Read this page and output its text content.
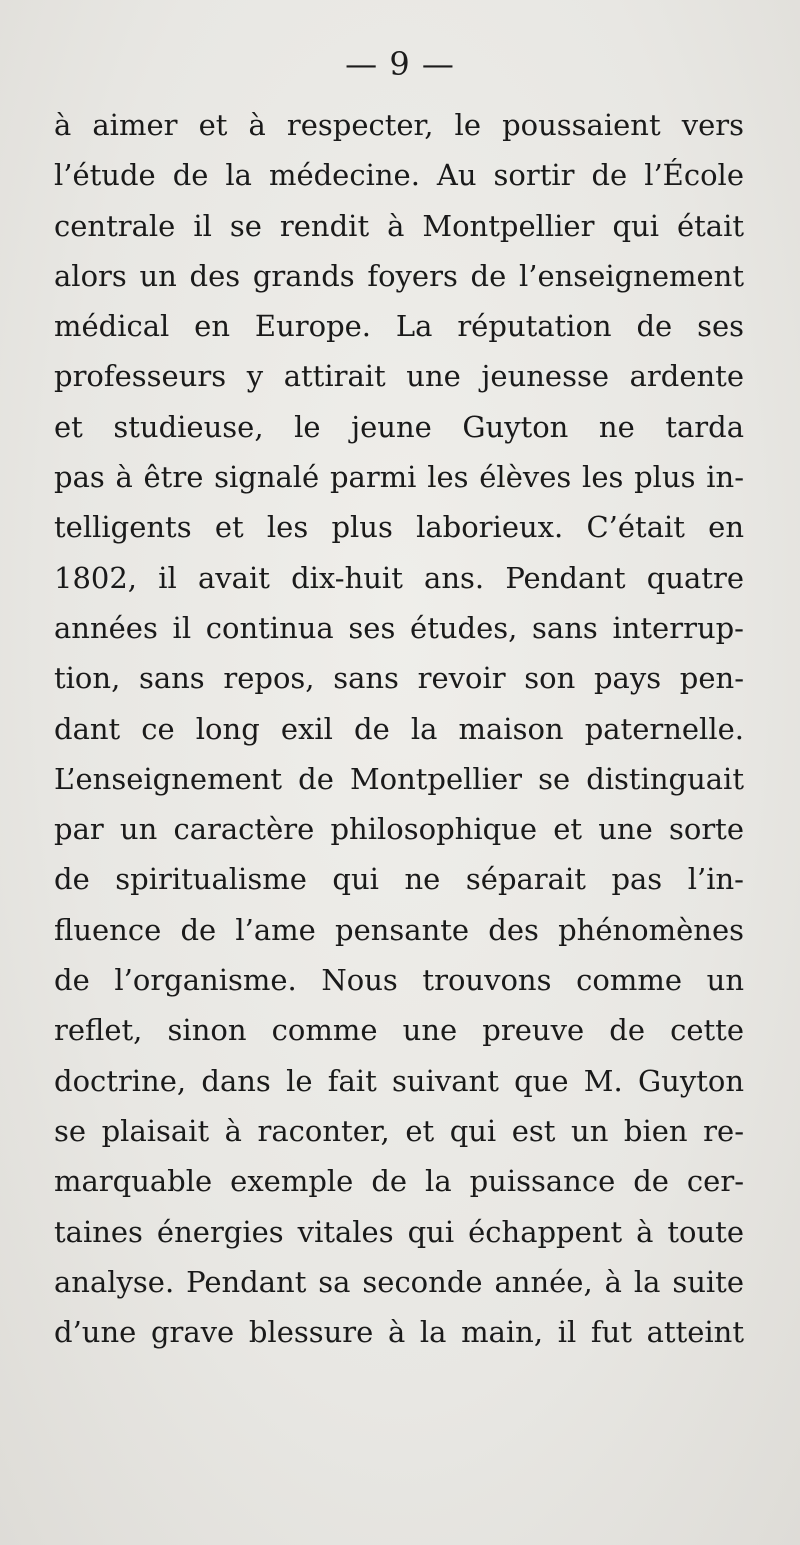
— 9 —
à aimer et à respecter, le poussaient vers
l’étude de la médecine. Au sortir de l’École
centrale il se rendit à Montpellier qui était
alors un des grands foyers de l’enseignement
médical en Europe. La réputation de ses
professeurs y attirait une jeunesse ardente
et studieuse, le jeune Guyton ne tarda
pas à être signalé parmi les élèves les plus in-
telligents et les plus laborieux. C’était en
1802, il avait dix-huit ans. Pendant quatre
années il continua ses études, sans interrup-
tion, sans repos, sans revoir son pays pen-
dant ce long exil de la maison paternelle.
L’enseignement de Montpellier se distinguait
par un caractère philosophique et une sorte
de spiritualisme qui ne séparait pas l’in-
fluence de l’ame pensante des phénomènes
de l’organisme. Nous trouvons comme un
reflet, sinon comme une preuve de cette
doctrine, dans le fait suivant que M. Guyton
se plaisait à raconter, et qui est un bien re-
marquable exemple de la puissance de cer-
taines énergies vitales qui échappent à toute
analyse. Pendant sa seconde année, à la suite
d’une grave blessure à la main, il fut atteint
